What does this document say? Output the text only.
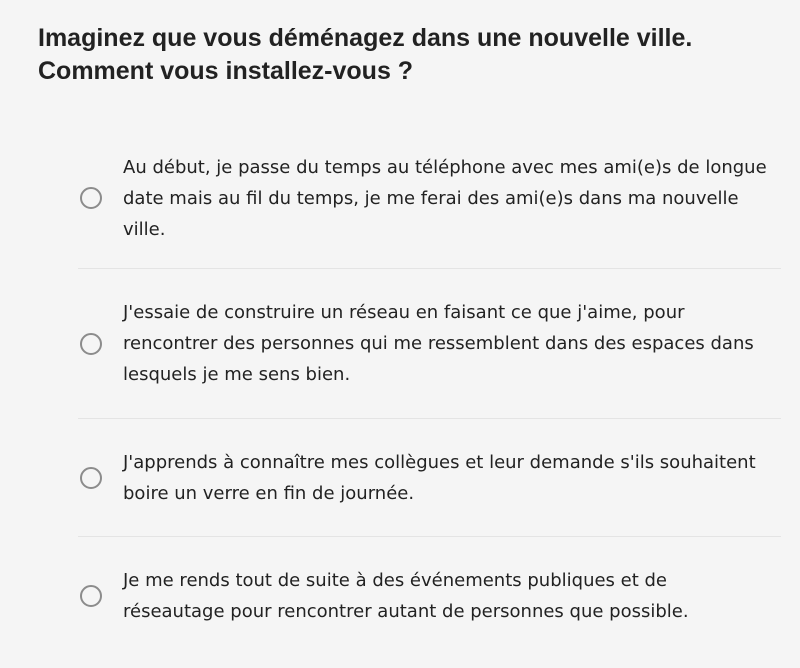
Imaginez que vous déménagez dans une nouvelle ville. Comment vous installez-vous ?
Au début, je passe du temps au téléphone avec mes ami(e)s de longue date mais au fil du temps, je me ferai des ami(e)s dans ma nouvelle ville.
J'essaie de construire un réseau en faisant ce que j'aime, pour rencontrer des personnes qui me ressemblent dans des espaces dans lesquels je me sens bien.
J'apprends à connaître mes collègues et leur demande s'ils souhaitent boire un verre en fin de journée.
Je me rends tout de suite à des événements publiques et de réseautage pour rencontrer autant de personnes que possible.
